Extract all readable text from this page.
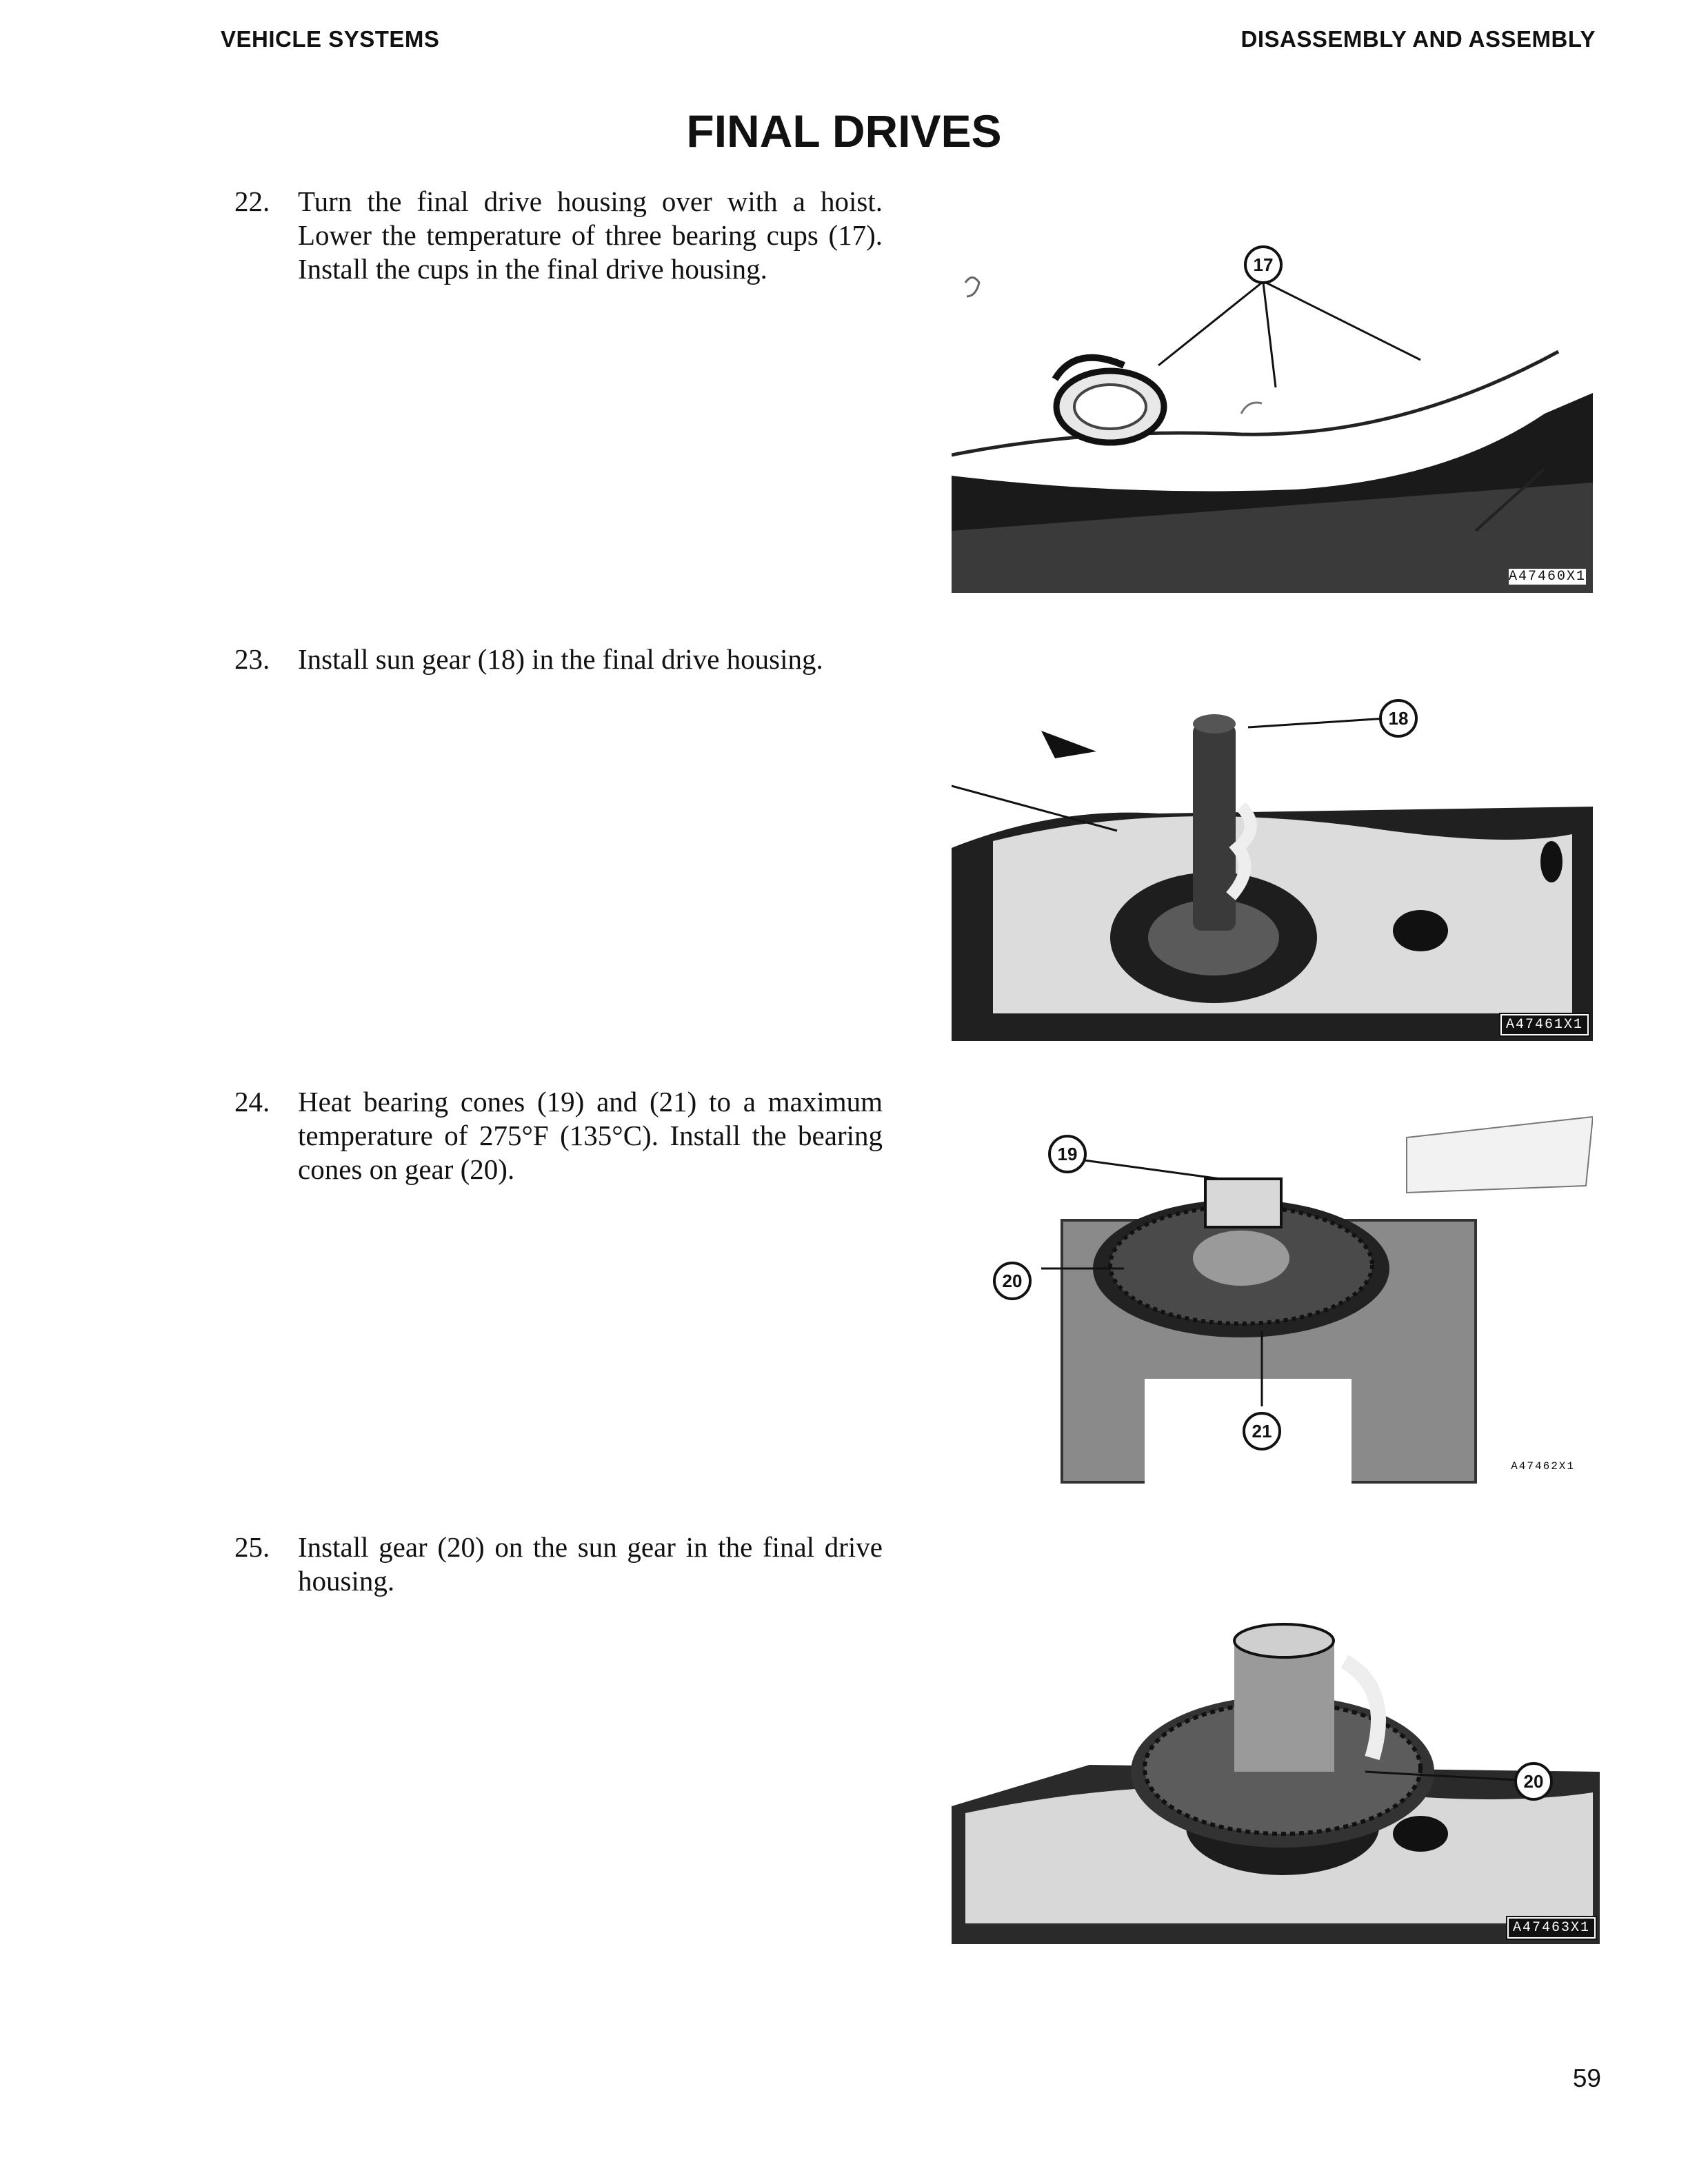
VEHICLE SYSTEMS	DISASSEMBLY AND ASSEMBLY
FINAL DRIVES
22. Turn the final drive housing over with a hoist. Lower the temperature of three bearing cups (17). Install the cups in the final drive housing.	17
A47460X1
23. Install sun gear (18) in the final drive housing.
18
A47461X1
24. Heat bearing cones (19) and (21) to a maximum temperature of 275°F (135°C). Install the bearing cones on gear (20).	19
20
21
A47462X1
25. Install gear (20) on the sun gear in the final drive housing.
20
A47463X1
59
